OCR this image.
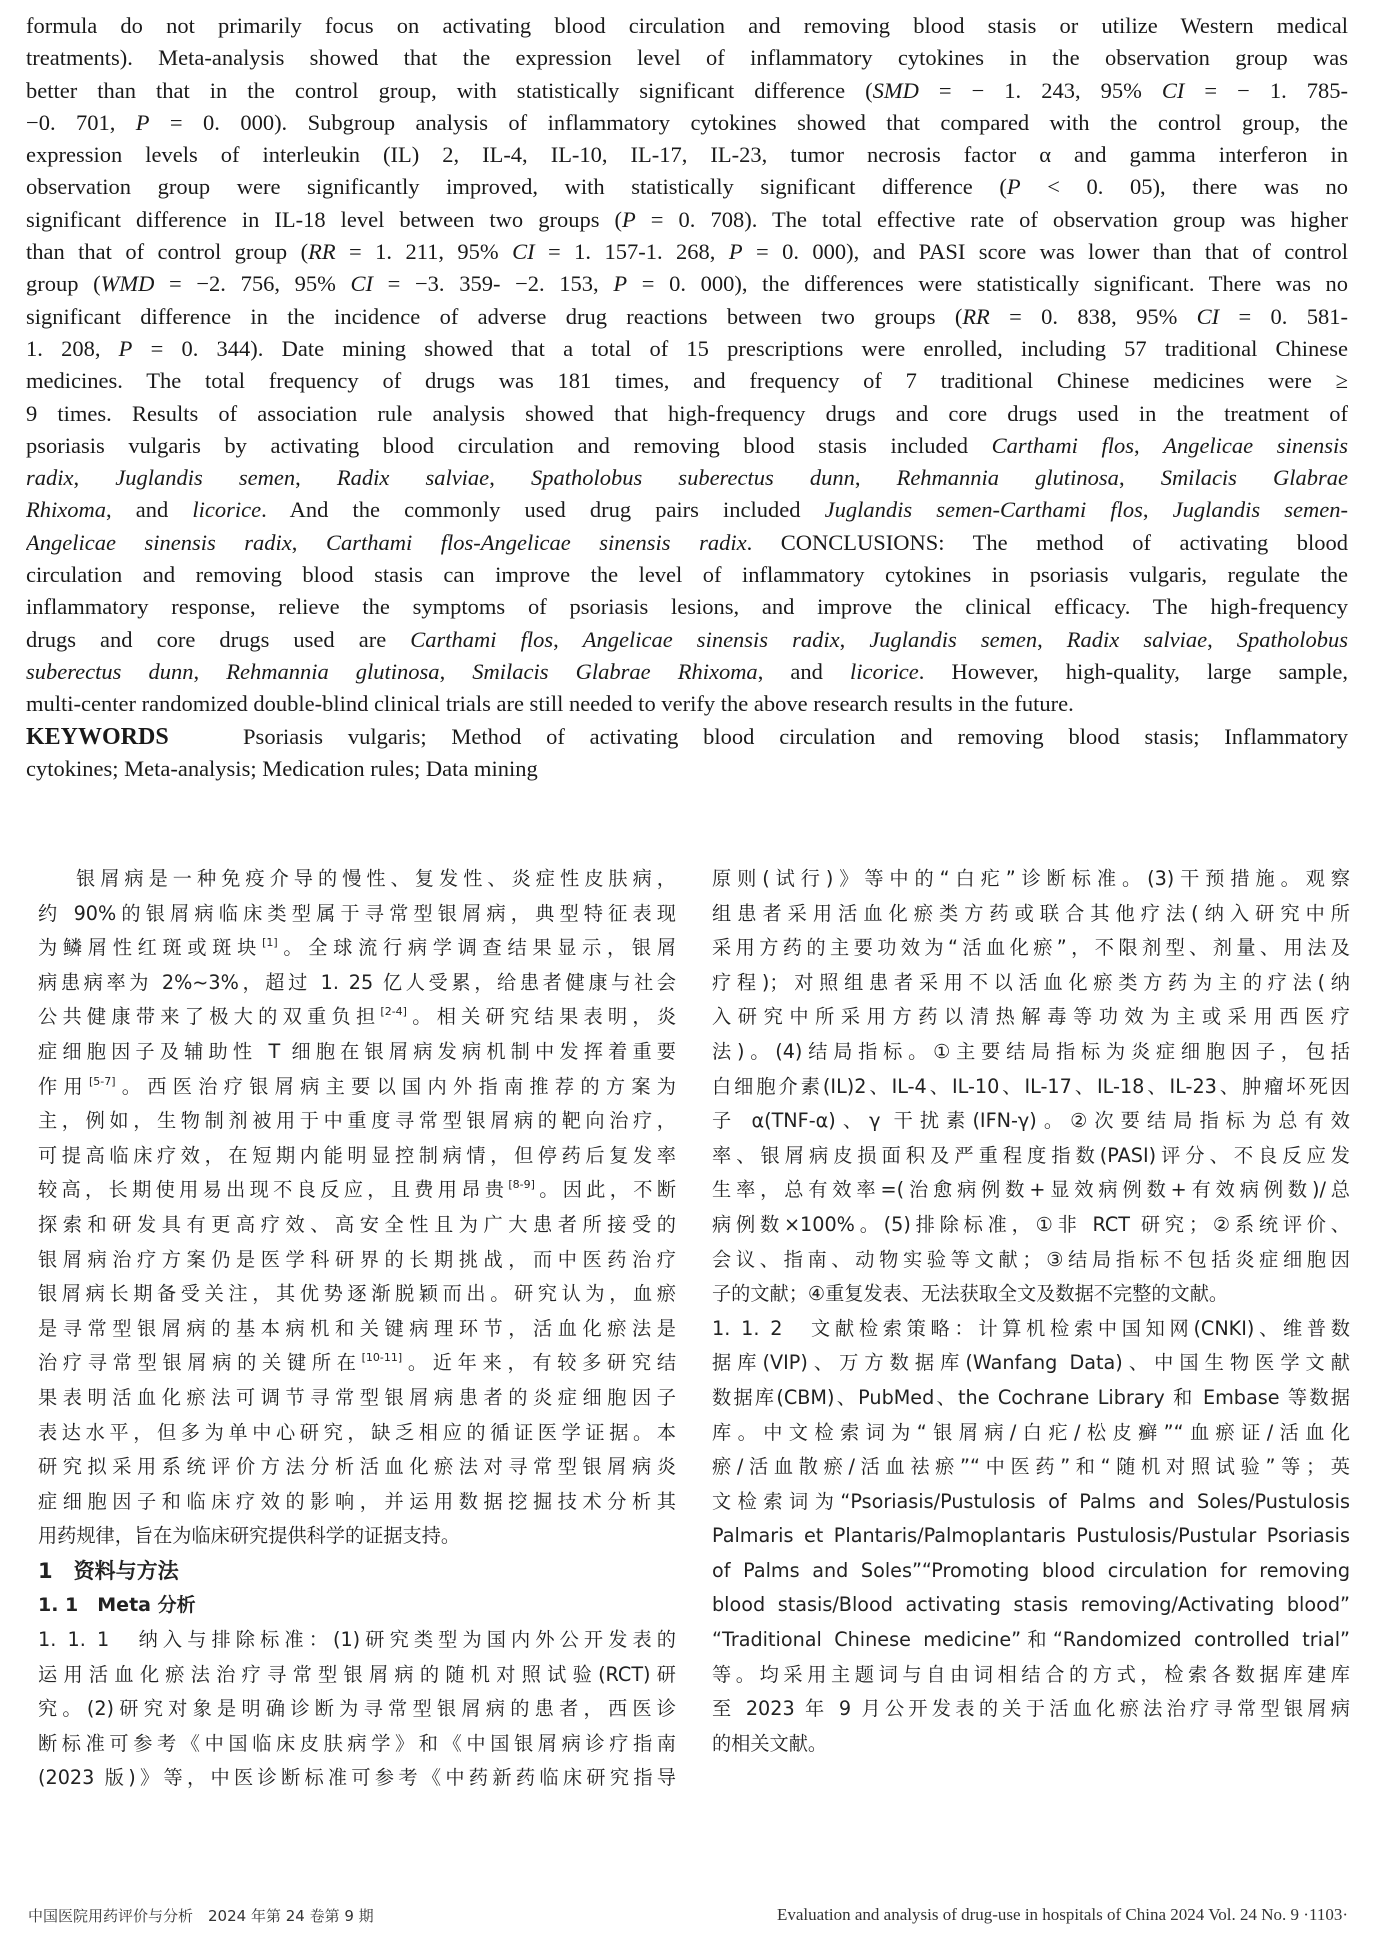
formula do not primarily focus on activating blood circulation and removing blood stasis or utilize Western medical
treatments). Meta-analysis showed that the expression level of inflammatory cytokines in the observation group was
better than that in the control group, with statistically significant difference (SMD = − 1. 243, 95% CI = − 1. 785-
−0. 701, P = 0. 000). Subgroup analysis of inflammatory cytokines showed that compared with the control group, the
expression levels of interleukin (IL) 2, IL-4, IL-10, IL-17, IL-23, tumor necrosis factor α and gamma interferon in
observation group were significantly improved, with statistically significant difference (P < 0. 05), there was no
significant difference in IL-18 level between two groups (P = 0. 708). The total effective rate of observation group was higher
than that of control group (RR = 1. 211, 95% CI = 1. 157-1. 268, P = 0. 000), and PASI score was lower than that of control
group (WMD = −2. 756, 95% CI = −3. 359- −2. 153, P = 0. 000), the differences were statistically significant. There was no
significant difference in the incidence of adverse drug reactions between two groups (RR = 0. 838, 95% CI = 0. 581-
1. 208, P = 0. 344). Date mining showed that a total of 15 prescriptions were enrolled, including 57 traditional Chinese
medicines. The total frequency of drugs was 181 times, and frequency of 7 traditional Chinese medicines were ≥
9 times. Results of association rule analysis showed that high-frequency drugs and core drugs used in the treatment of
psoriasis vulgaris by activating blood circulation and removing blood stasis included Carthami flos, Angelicae sinensis
radix, Juglandis semen, Radix salviae, Spatholobus suberectus dunn, Rehmannia glutinosa, Smilacis Glabrae
Rhixoma, and licorice. And the commonly used drug pairs included Juglandis semen-Carthami flos, Juglandis semen-
Angelicae sinensis radix, Carthami flos-Angelicae sinensis radix. CONCLUSIONS: The method of activating blood
circulation and removing blood stasis can improve the level of inflammatory cytokines in psoriasis vulgaris, regulate the
inflammatory response, relieve the symptoms of psoriasis lesions, and improve the clinical efficacy. The high-frequency
drugs and core drugs used are Carthami flos, Angelicae sinensis radix, Juglandis semen, Radix salviae, Spatholobus
suberectus dunn, Rehmannia glutinosa, Smilacis Glabrae Rhixoma, and licorice. However, high-quality, large sample,
multi-center randomized double-blind clinical trials are still needed to verify the above research results in the future.
KEYWORDS	Psoriasis vulgaris; Method of activating blood circulation and removing blood stasis; Inflammatory
cytokines; Meta-analysis; Medication rules; Data mining
银屑病是一种免疫介导的慢性、复发性、炎症性皮肤病，
约 90%的银屑病临床类型属于寻常型银屑病，典型特征表现
为鳞屑性红斑或斑块[1]。全球流行病学调查结果显示，银屑
病患病率为 2%~3%，超过 1. 25 亿人受累，给患者健康与社会
公共健康带来了极大的双重负担[2-4]。相关研究结果表明，炎
症细胞因子及辅助性 T 细胞在银屑病发病机制中发挥着重要
作用[5-7]。西医治疗银屑病主要以国内外指南推荐的方案为
主，例如，生物制剂被用于中重度寻常型银屑病的靶向治疗，
可提高临床疗效，在短期内能明显控制病情，但停药后复发率
较高，长期使用易出现不良反应，且费用昂贵[8-9]。因此，不断
探索和研发具有更高疗效、高安全性且为广大患者所接受的
银屑病治疗方案仍是医学科研界的长期挑战，而中医药治疗
银屑病长期备受关注，其优势逐渐脱颖而出。研究认为，血瘀
是寻常型银屑病的基本病机和关键病理环节，活血化瘀法是
治疗寻常型银屑病的关键所在[10-11]。近年来，有较多研究结
果表明活血化瘀法可调节寻常型银屑病患者的炎症细胞因子
表达水平，但多为单中心研究，缺乏相应的循证医学证据。本
研究拟采用系统评价方法分析活血化瘀法对寻常型银屑病炎
症细胞因子和临床疗效的影响，并运用数据挖掘技术分析其
用药规律，旨在为临床研究提供科学的证据支持。
1　资料与方法
1. 1　Meta 分析
1. 1. 1　纳入与排除标准：(1)研究类型为国内外公开发表的
运用活血化瘀法治疗寻常型银屑病的随机对照试验(RCT)研
究。(2)研究对象是明确诊断为寻常型银屑病的患者，西医诊
断标准可参考《中国临床皮肤病学》和《中国银屑病诊疗指南
(2023 版)》等，中医诊断标准可参考《中药新药临床研究指导
原则(试行)》等中的“白疕”诊断标准。(3)干预措施。观察
组患者采用活血化瘀类方药或联合其他疗法(纳入研究中所
采用方药的主要功效为“活血化瘀”，不限剂型、剂量、用法及
疗程)；对照组患者采用不以活血化瘀类方药为主的疗法(纳
入研究中所采用方药以清热解毒等功效为主或采用西医疗
法)。(4)结局指标。①主要结局指标为炎症细胞因子，包括
白细胞介素(IL)2、IL-4、IL-10、IL-17、IL-18、IL-23、肿瘤坏死因
子 α(TNF-α)、γ 干扰素(IFN-γ)。②次要结局指标为总有效
率、银屑病皮损面积及严重程度指数(PASI)评分、不良反应发
生率，总有效率=(治愈病例数+显效病例数+有效病例数)/总
病例数×100%。(5)排除标准，①非 RCT 研究；②系统评价、
会议、指南、动物实验等文献；③结局指标不包括炎症细胞因
子的文献；④重复发表、无法获取全文及数据不完整的文献。
1. 1. 2　文献检索策略：计算机检索中国知网(CNKI)、维普数
据库(VIP)、万方数据库(Wanfang Data)、中国生物医学文献
数据库(CBM)、PubMed、the Cochrane Library 和 Embase 等数据
库。中文检索词为“银屑病/白疕/松皮癣”“血瘀证/活血化
瘀/活血散瘀/活血祛瘀”“中医药”和“随机对照试验”等；英
文检索词为“Psoriasis/Pustulosis of Palms and Soles/Pustulosis
Palmaris et Plantaris/Palmoplantaris Pustulosis/Pustular Psoriasis
of Palms and Soles”“Promoting blood circulation for removing
blood stasis/Blood activating stasis removing/Activating blood”
“Traditional Chinese medicine”和“Randomized controlled trial”
等。均采用主题词与自由词相结合的方式，检索各数据库建库
至 2023 年 9 月公开发表的关于活血化瘀法治疗寻常型银屑病
的相关文献。
中国医院用药评价与分析　2024 年第 24 卷第 9 期	Evaluation and analysis of drug-use in hospitals of China 2024 Vol. 24 No. 9 ·1103·
